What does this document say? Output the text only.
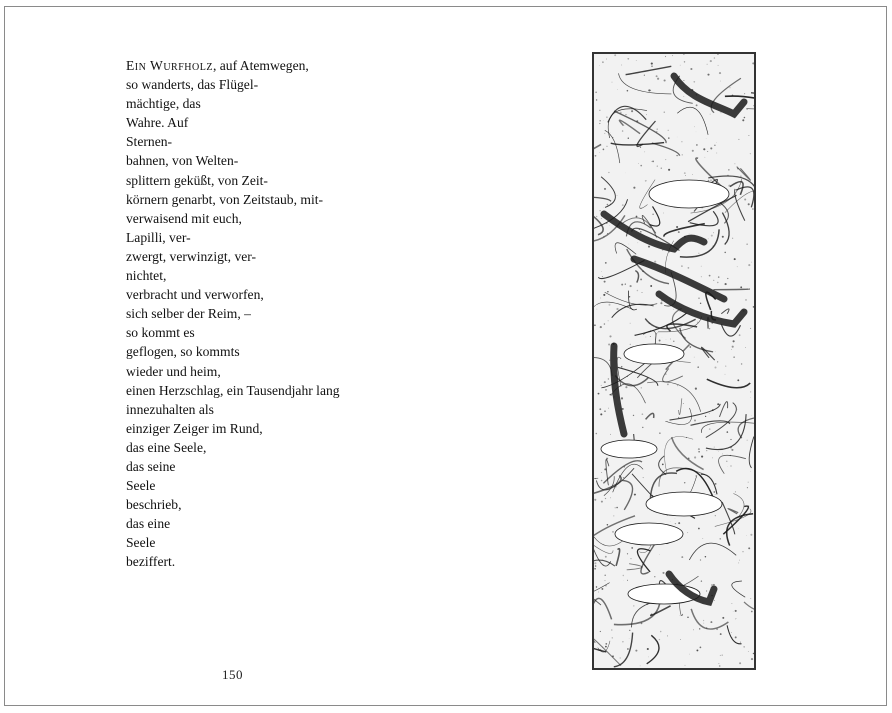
Ein Wurfholz, auf Atemwegen,
so wanderts, das Flügel-
mächtige, das
Wahre. Auf
Sternen-
bahnen, von Welten-
splittern geküßt, von Zeit-
körnern genarbt, von Zeitstaub, mit-
verwaisend mit euch,
Lapilli, ver-
zwergt, verwinzigt, ver-
nichtet,
verbracht und verworfen,
sich selber der Reim, –
so kommt es
geflogen, so kommts
wieder und heim,
einen Herzschlag, ein Tausendjahr lang
innezuhalten als
einziger Zeiger im Rund,
das eine Seele,
das seine
Seele
beschrieb,
das eine
Seele
beziffert.
150
